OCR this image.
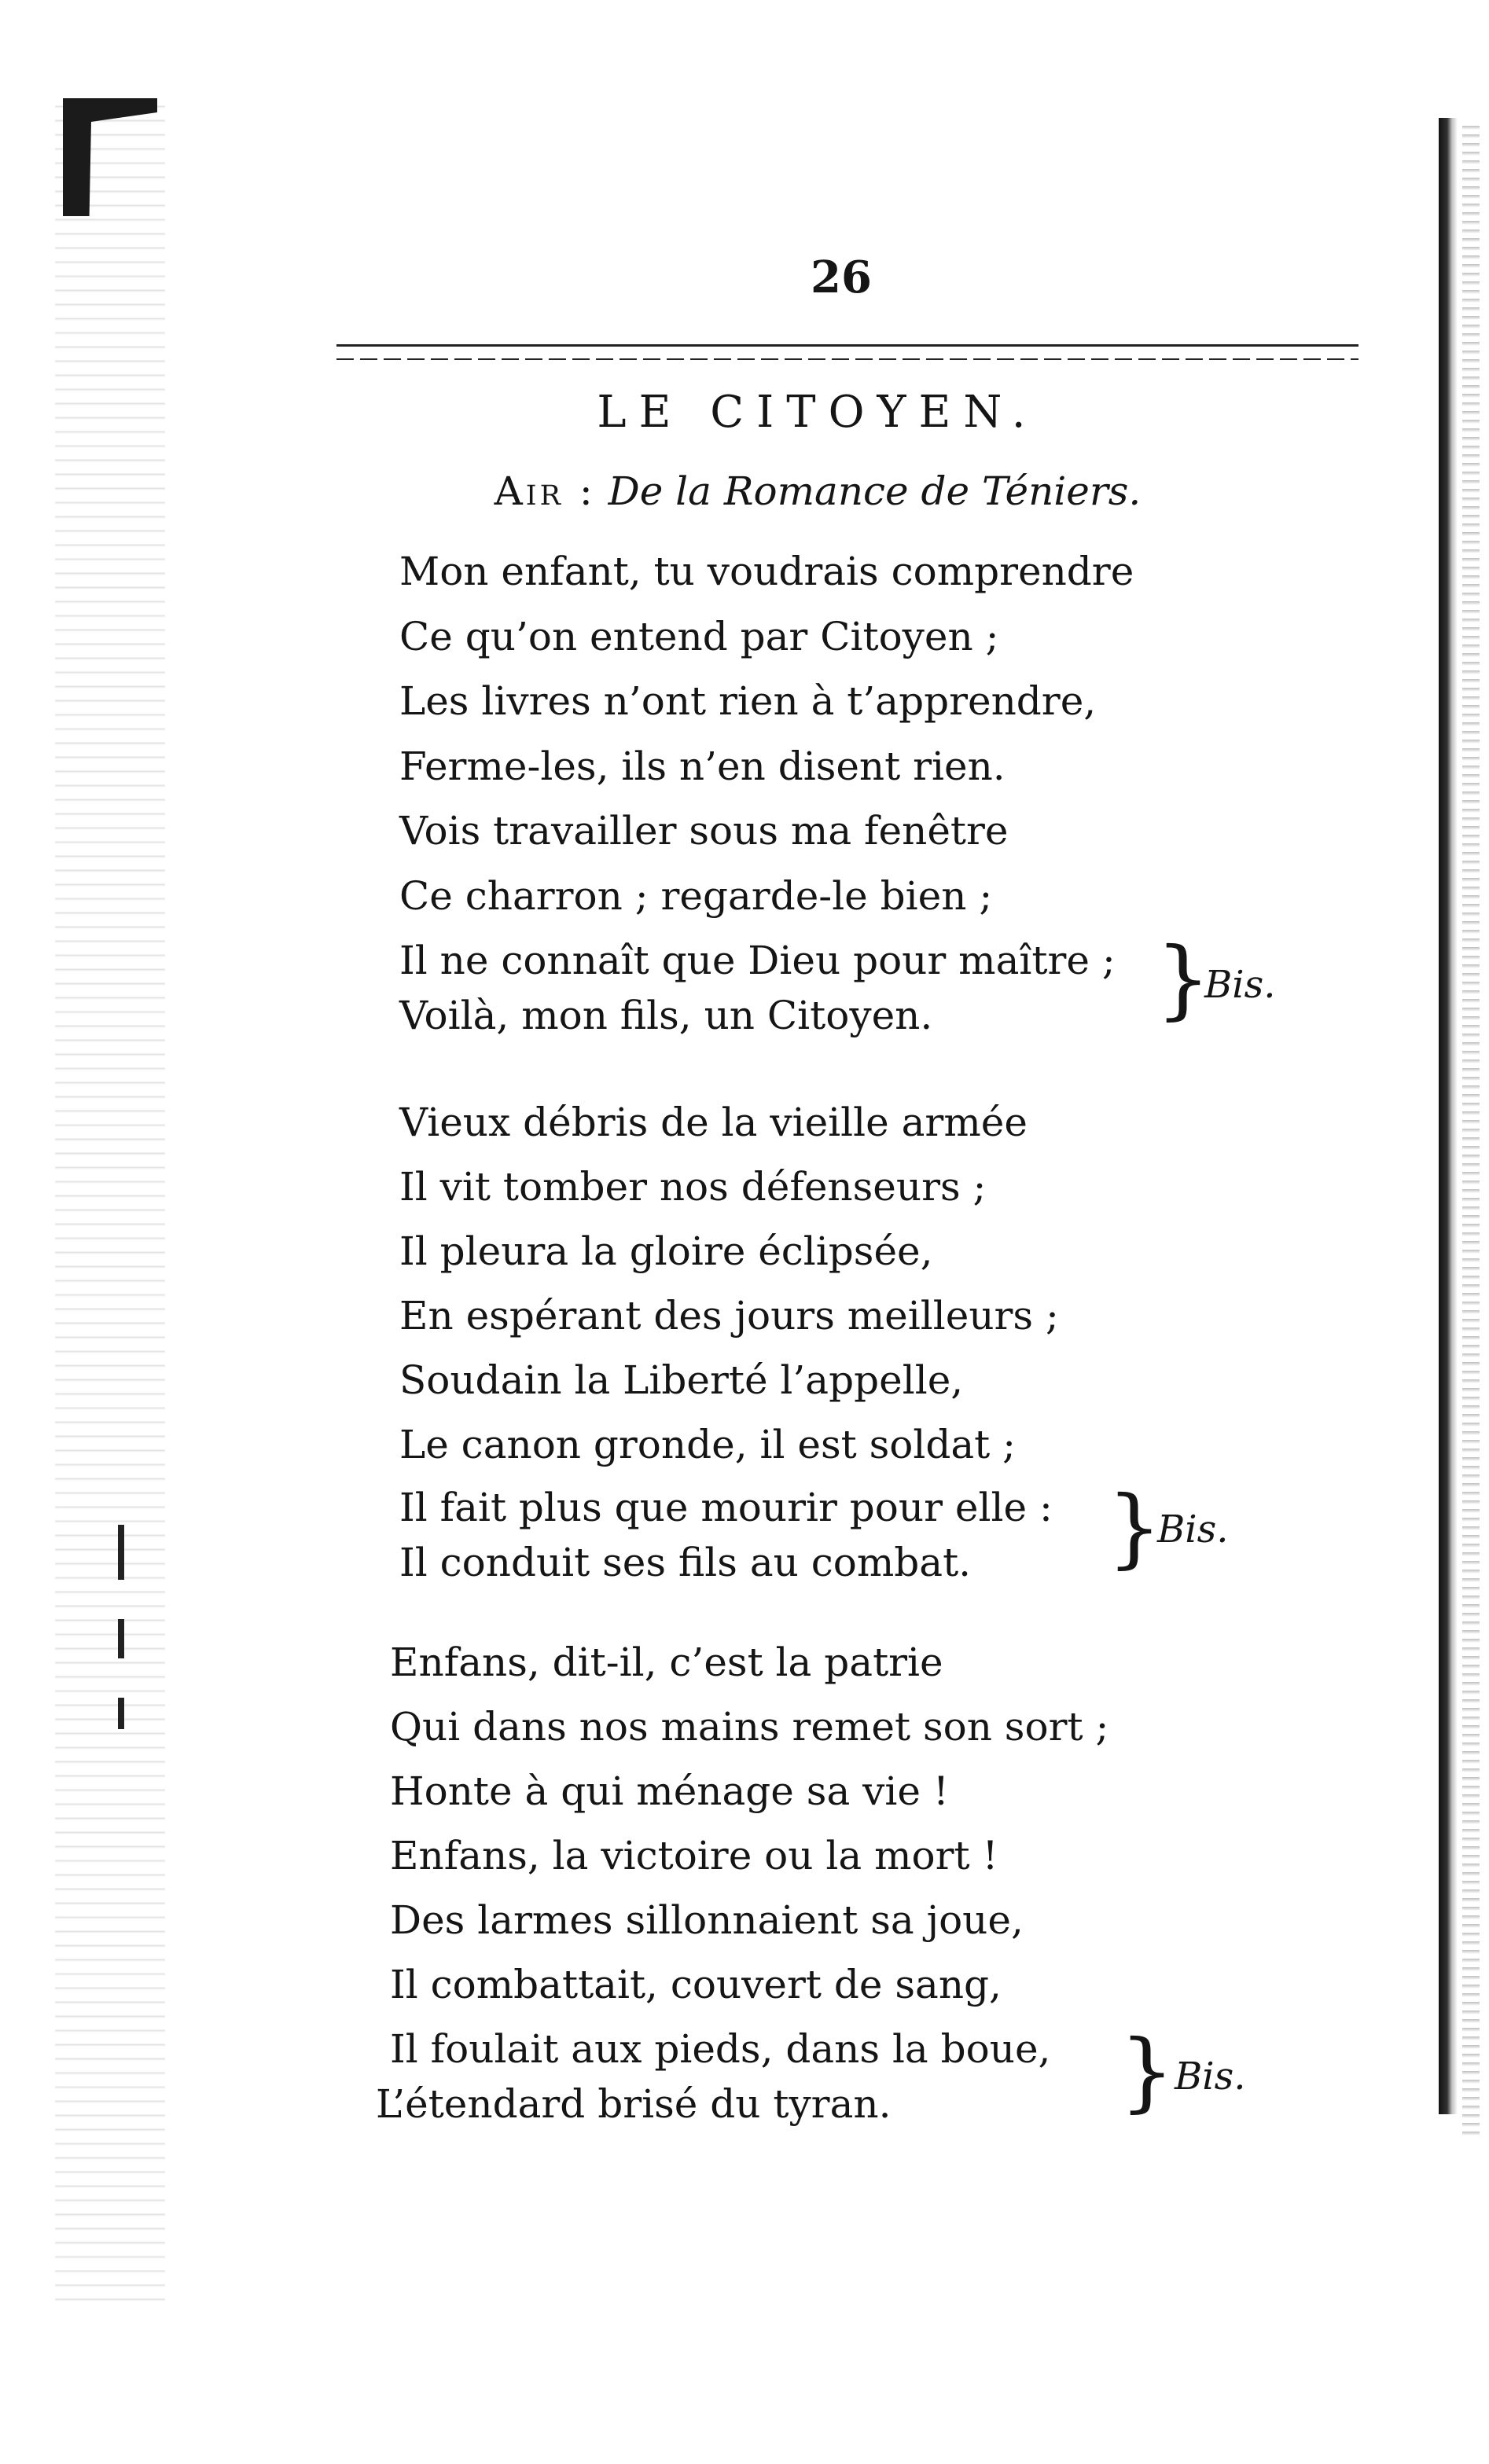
26
LE CITOYEN.
Air : De la Romance de Téniers.
Mon enfant, tu voudrais comprendre
Ce qu’on entend par Citoyen ;
Les livres n’ont rien à t’apprendre,
Ferme-les, ils n’en disent rien.
Vois travailler sous ma fenêtre
Ce charron ; regarde-le bien ;
Il ne connaît que Dieu pour maître ;
Voilà, mon fils, un Citoyen.	}
Bis.
Vieux débris de la vieille armée
Il vit tomber nos défenseurs ;
Il pleura la gloire éclipsée,
En espérant des jours meilleurs ;
Soudain la Liberté l’appelle,
Le canon gronde, il est soldat ;
Il fait plus que mourir pour elle :
Il conduit ses fils au combat. }
Bis.
Enfans, dit-il, c’est la patrie
Qui dans nos mains remet son sort ;
Honte à qui ménage sa vie !
Enfans, la victoire ou la mort !
Des larmes sillonnaient sa joue,
Il combattait, couvert de sang,
Il foulait aux pieds, dans la boue,
L’étendard brisé du tyran.	} Bis.
